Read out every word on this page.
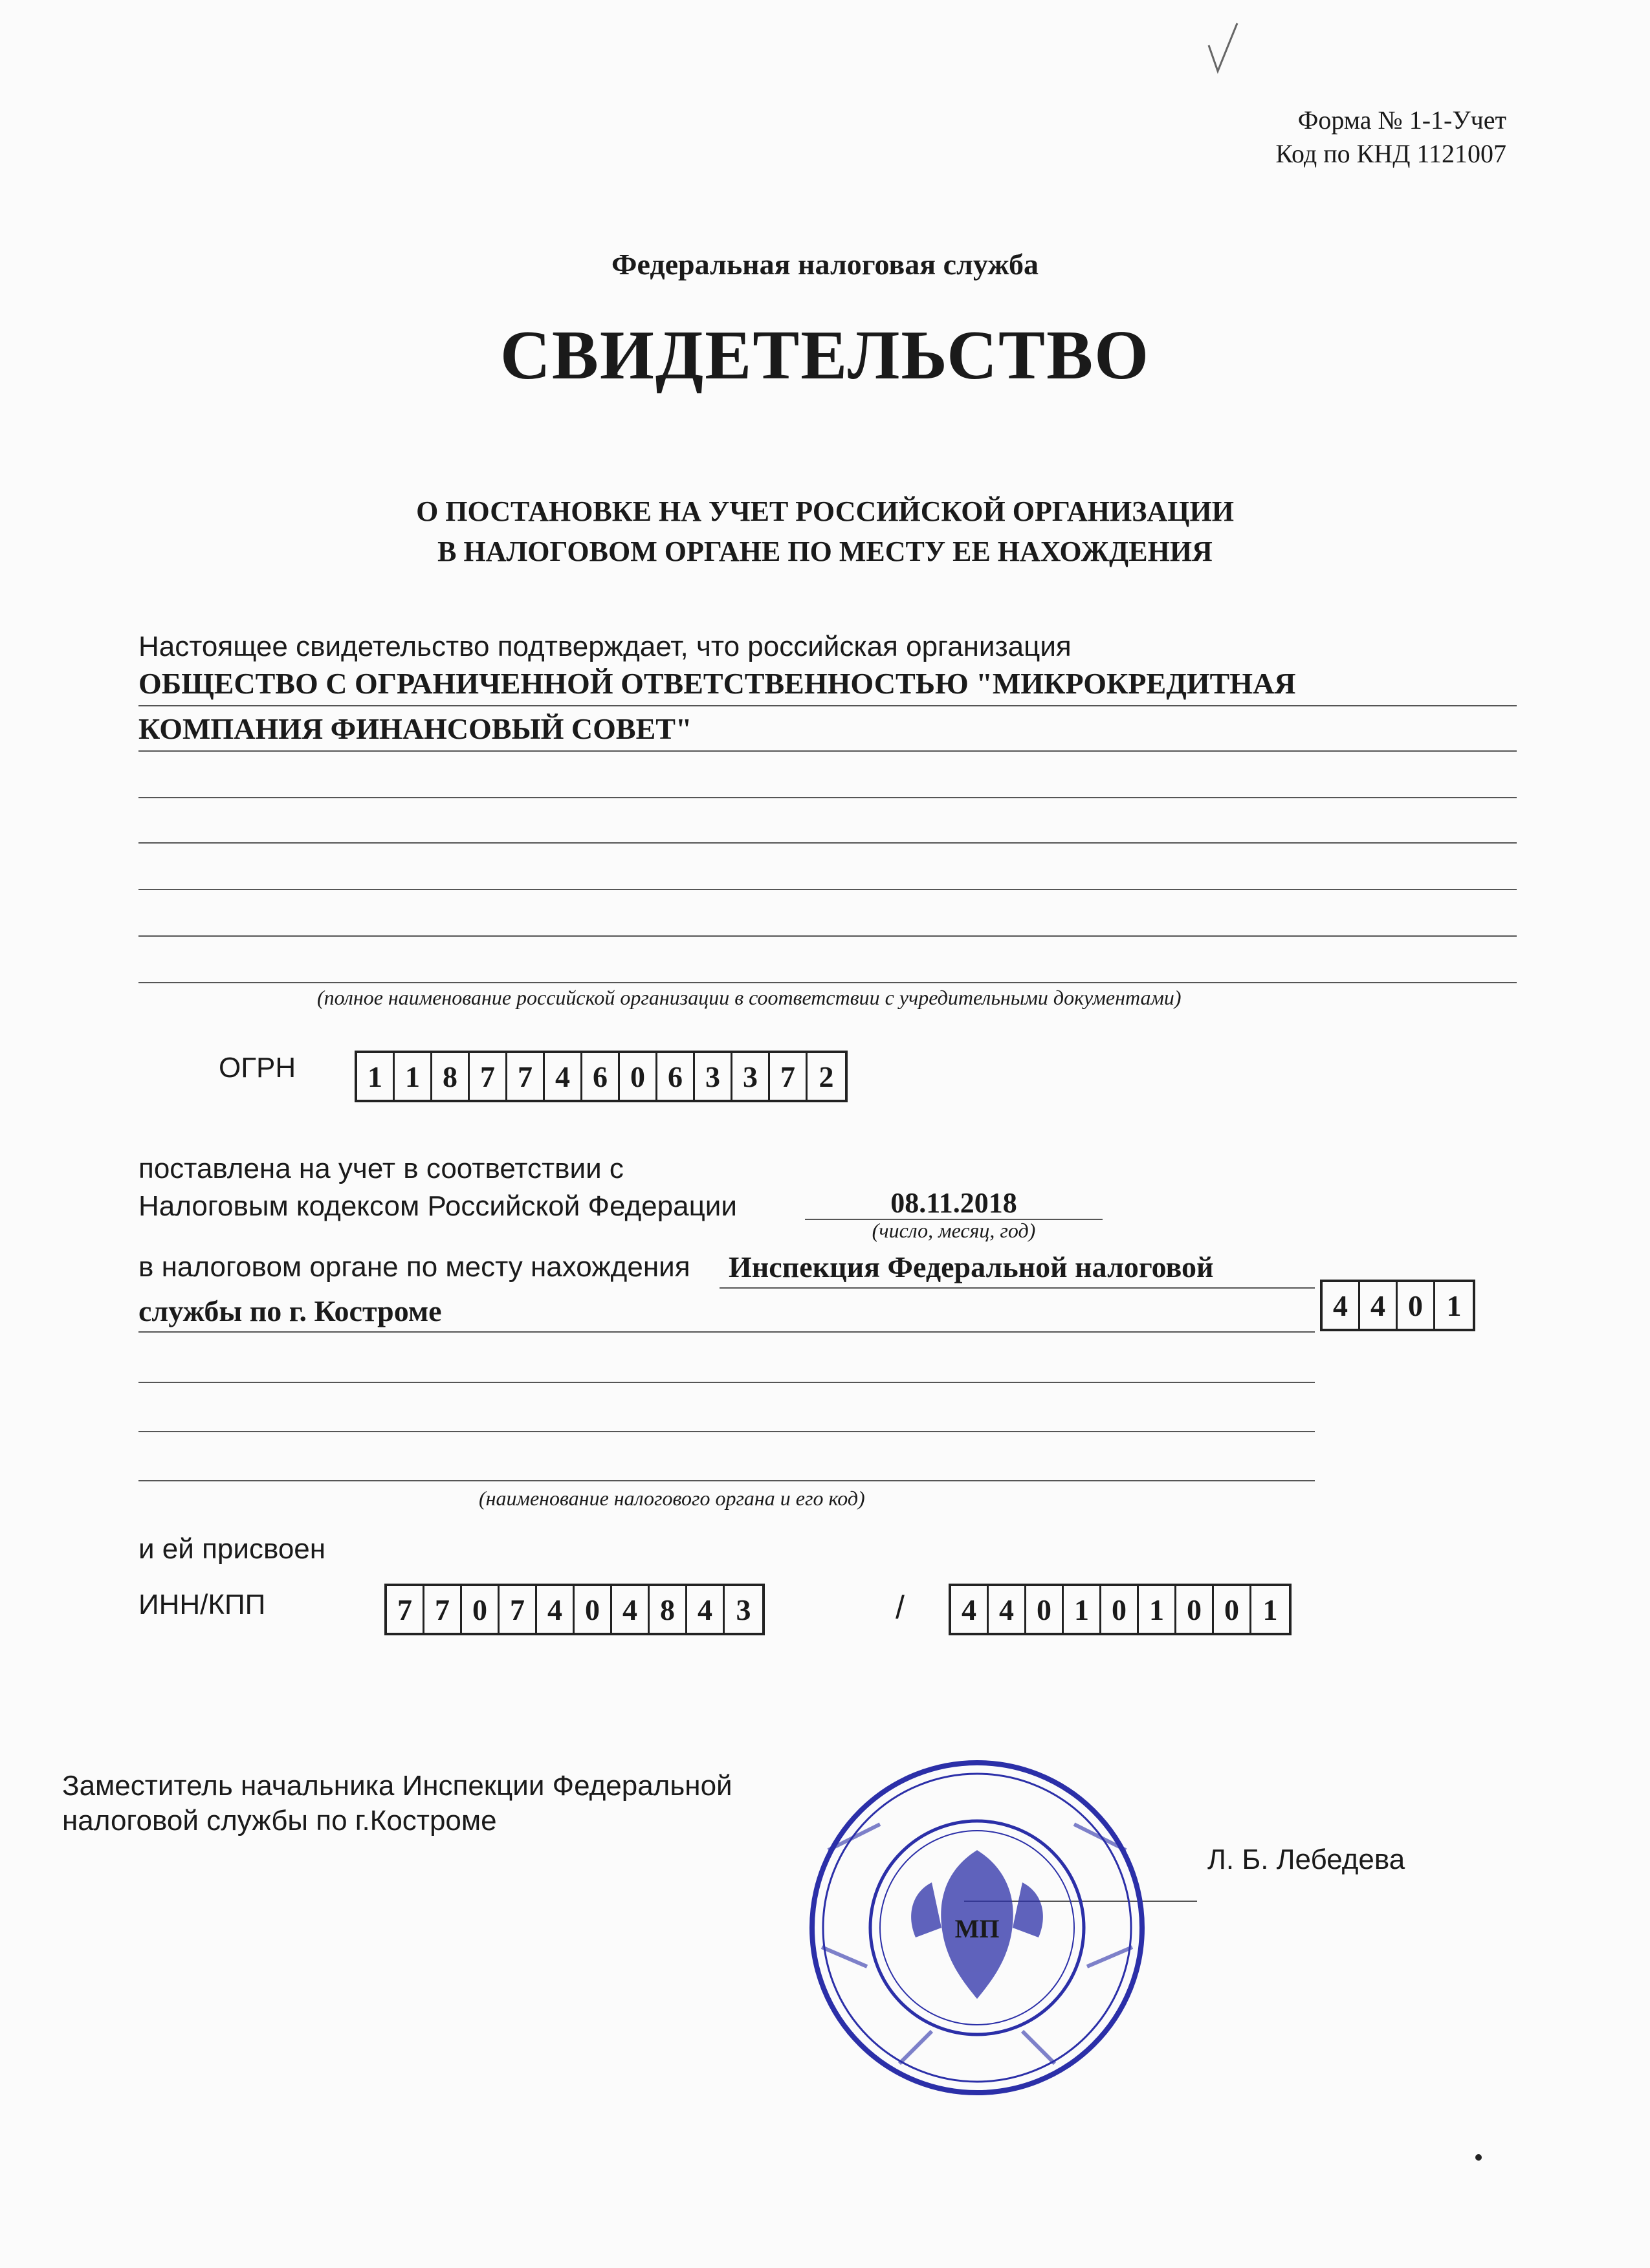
Форма № 1-1-Учет
Код по КНД 1121007
Федеральная налоговая служба
СВИДЕТЕЛЬСТВО
О ПОСТАНОВКЕ НА УЧЕТ РОССИЙСКОЙ ОРГАНИЗАЦИИ
В НАЛОГОВОМ ОРГАНЕ ПО МЕСТУ ЕЕ НАХОЖДЕНИЯ
Настоящее свидетельство подтверждает, что российская организация
ОБЩЕСТВО С ОГРАНИЧЕННОЙ ОТВЕТСТВЕННОСТЬЮ "МИКРОКРЕДИТНАЯ
КОМПАНИЯ ФИНАНСОВЫЙ СОВЕТ"
(полное наименование российской организации в соответствии с учредительными документами)
ОГРН	1 1 8 7 7 4 6 0 6 3 3 7 2
поставлена на учет в соответствии с
Налоговым кодексом Российской Федерации	08.11.2018
(число, месяц, год)
в налоговом органе по месту нахождения Инспекция Федеральной налоговой
службы по г. Костроме	4 4 0 1
(наименование налогового органа и его код)
и ей присвоен
ИНН/КПП	7 7 0 7 4 0 4 8 4 3	/	4 4 0 1 0 1 0 0 1
Заместитель начальника Инспекции Федеральной
налоговой службы по г.Костроме
Л. Б. Лебедева
МП
